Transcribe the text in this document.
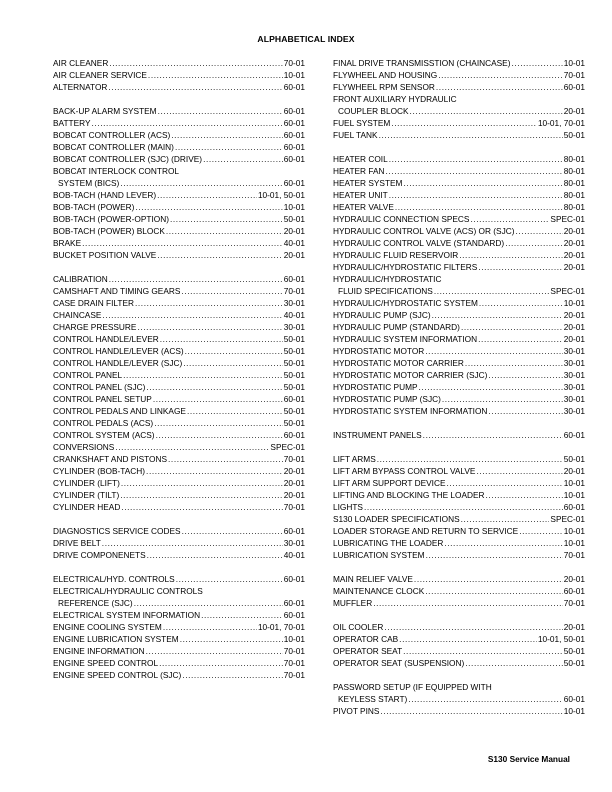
ALPHABETICAL INDEX
AIR CLEANER .....	70-01
AIR CLEANER SERVICE .....	10-01
ALTERNATOR .....	60-01
BACK-UP ALARM SYSTEM .....	60-01
BATTERY .....	60-01
BOBCAT CONTROLLER (ACS) .....	60-01
BOBCAT CONTROLLER (MAIN) .....	60-01
BOBCAT CONTROLLER (SJC) (DRIVE) .....	60-01
BOBCAT INTERLOCK CONTROL
SYSTEM (BICS) .....	60-01
BOB-TACH (HAND LEVER) .....	10-01, 50-01
BOB-TACH (POWER) .....	10-01
BOB-TACH (POWER-OPTION) .....	50-01
BOB-TACH (POWER) BLOCK .....	20-01
BRAKE .....	40-01
BUCKET POSITION VALVE .....	20-01
CALIBRATION .....	60-01
CAMSHAFT AND TIMING GEARS .....	70-01
CASE DRAIN FILTER .....	30-01
CHAINCASE .....	40-01
CHARGE PRESSURE .....	30-01
CONTROL HANDLE/LEVER .....	50-01
CONTROL HANDLE/LEVER (ACS) .....	50-01
CONTROL HANDLE/LEVER (SJC) .....	50-01
CONTROL PANEL .....	50-01
CONTROL PANEL (SJC) .....	50-01
CONTROL PANEL SETUP .....	60-01
CONTROL PEDALS AND LINKAGE .....	50-01
CONTROL PEDALS (ACS) .....	50-01
CONTROL SYSTEM (ACS) .....	60-01
CONVERSIONS .....	SPEC-01
CRANKSHAFT AND PISTONS .....	70-01
CYLINDER (BOB-TACH) .....	20-01
CYLINDER (LIFT) .....	20-01
CYLINDER (TILT) .....	20-01
CYLINDER HEAD .....	70-01
DIAGNOSTICS SERVICE CODES .....	60-01
DRIVE BELT .....	30-01
DRIVE COMPONENETS .....	40-01
ELECTRICAL/HYD. CONTROLS .....	60-01
ELECTRICAL/HYDRAULIC CONTROLS
REFERENCE (SJC) .....	60-01
ELECTRICAL SYSTEM INFORMATION .....	60-01
ENGINE COOLING SYSTEM .....	10-01, 70-01
ENGINE LUBRICATION SYSTEM .....	10-01
ENGINE INFORMATION .....	70-01
ENGINE SPEED CONTROL .....	70-01
ENGINE SPEED CONTROL (SJC) .....	70-01
FINAL DRIVE TRANSMISSTION (CHAINCASE) .....	10-01
FLYWHEEL AND HOUSING .....	70-01
FLYWHEEL RPM SENSOR .....	60-01
FRONT AUXILIARY HYDRAULIC
COUPLER BLOCK .....	20-01
FUEL SYSTEM .....	10-01, 70-01
FUEL TANK .....	50-01
HEATER COIL .....	80-01
HEATER FAN .....	80-01
HEATER SYSTEM .....	80-01
HEATER UNIT .....	80-01
HEATER VALVE .....	80-01
HYDRAULIC CONNECTION SPECS .....	SPEC-01
HYDRAULIC CONTROL VALVE (ACS) OR (SJC) .....	20-01
HYDRAULIC CONTROL VALVE (STANDARD) .....	20-01
HYDRAULIC FLUID RESERVOIR .....	20-01
HYDRAULIC/HYDROSTATIC FILTERS .....	20-01
HYDRAULIC/HYDROSTATIC
FLUID SPECIFICATIONS .....	SPEC-01
HYDRAULIC/HYDROSTATIC SYSTEM .....	10-01
HYDRAULIC PUMP (SJC) .....	20-01
HYDRAULIC PUMP (STANDARD) .....	20-01
HYDRAULIC SYSTEM INFORMATION .....	20-01
HYDROSTATIC MOTOR .....	30-01
HYDROSTATIC MOTOR CARRIER .....	30-01
HYDROSTATIC MOTOR CARRIER (SJC) .....	30-01
HYDROSTATIC PUMP .....	30-01
HYDROSTATIC PUMP (SJC) .....	30-01
HYDROSTATIC SYSTEM INFORMATION .....	30-01
INSTRUMENT PANELS .....	60-01
LIFT ARMS .....	50-01
LIFT ARM BYPASS CONTROL VALVE .....	20-01
LIFT ARM SUPPORT DEVICE .....	10-01
LIFTING AND BLOCKING THE LOADER .....	10-01
LIGHTS .....	60-01
S130 LOADER SPECIFICATIONS .....	SPEC-01
LOADER STORAGE AND RETURN TO SERVICE .....	10-01
LUBRICATING THE LOADER .....	10-01
LUBRICATION SYSTEM .....	70-01
MAIN RELIEF VALVE .....	20-01
MAINTENANCE CLOCK .....	60-01
MUFFLER .....	70-01
OIL COOLER .....	20-01
OPERATOR CAB .....	10-01, 50-01
OPERATOR SEAT .....	50-01
OPERATOR SEAT (SUSPENSION) .....	50-01
PASSWORD SETUP (IF EQUIPPED WITH
KEYLESS START) .....	60-01
PIVOT PINS .....	10-01
S130 Service Manual
